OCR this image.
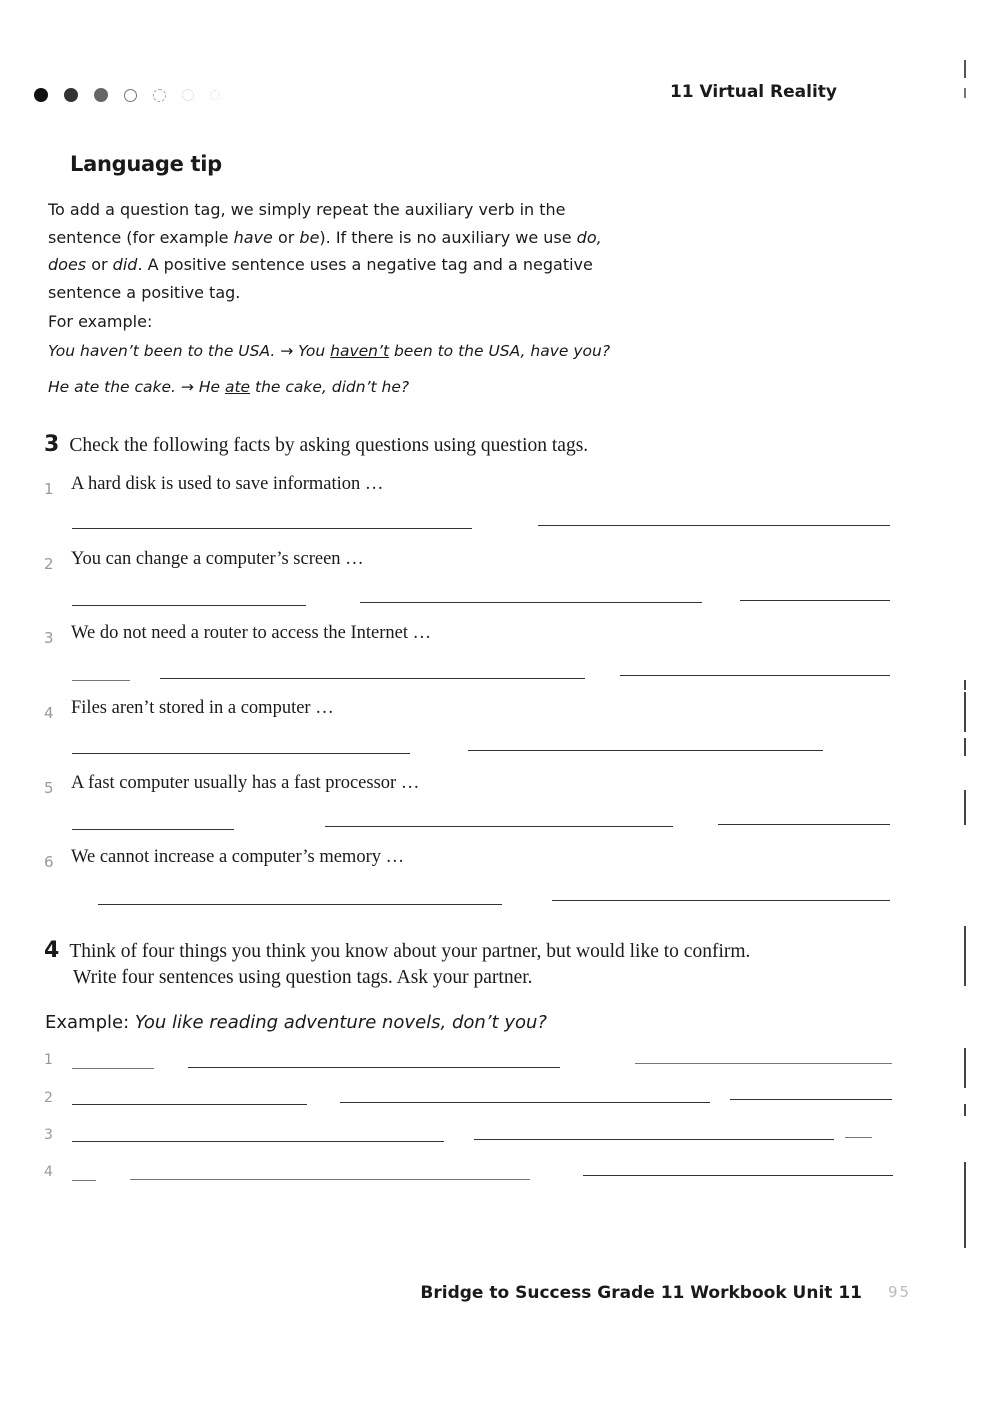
11 Virtual Reality
Language tip

To add a question tag, we simply repeat the auxiliary verb in the

sentence (for example have or be). If there is no auxiliary we use do,

does or did. A positive sentence uses a negative tag and a negative

sentence a positive tag.

For example:
You haven’t been to the USA. → You haven’t been to the USA, have you?
He ate the cake. → He ate the cake, didn’t he?
3 Check the following facts by asking questions using question tags.
1 A hard disk is used to save information …
2 You can change a computer’s screen …
3 We do not need a router to access the Internet …
4 Files aren’t stored in a computer …
5 A fast computer usually has a fast processor …
6 We cannot increase a computer’s memory …
4 Think of four things you think you know about your partner, but would like to confirm.
Write four sentences using question tags. Ask your partner.
Example: You like reading adventure novels, don’t you?
1
2
3
4
Bridge to Success Grade 11 Workbook Unit 11 95
